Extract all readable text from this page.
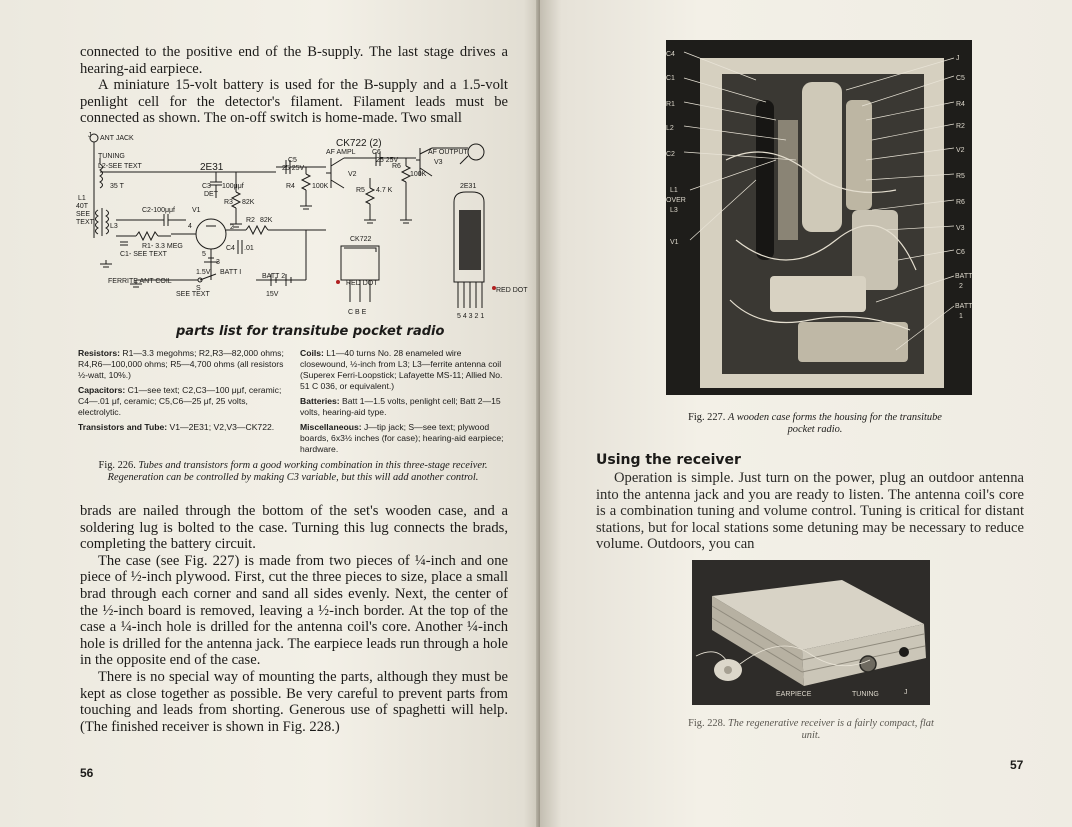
connected to the positive end of the B-supply. The last stage drives a hearing-aid earpiece.

A miniature 15-volt battery is used for the B-supply and a 1.5-volt penlight cell for the detector's filament. Filament leads must be connected as shown. The on-off switch is home-made. Two small

J ANT JACK
TUNING
L2-SEE TEXT	2E31
CK722 (2)
AF AMPL	AF OUTPUT
C6
25 25V
C5
25 25V
35 T	C3 100μμf
DET
R4 100K
R6
100K
V2
V3
R5 4.7 K
R3 82K
L1
40T
SEE
TEXT
C2-100μμf V1
L3
R1- 3.3 MEG
C1- SEE TEXT
R2 82K
C4 .01
2
3
4
5
1.5V BATT I
BATT 2
15V
FERRITE ANT COIL
S
SEE TEXT
RED DOT
RED DOT
CK722
C B E
5 4 3 2 1
2E31
parts list for transitube pocket radio

Resistors: R1—3.3 megohms; R2,R3—82,000 ohms; R4,R6—100,000 ohms; R5—4,700 ohms (all resistors ½-watt, 10%.)

Capacitors: C1—see text; C2,C3—100 μμf, ceramic; C4—.01 μf, ceramic; C5,C6—25 μf, 25 volts, electrolytic.

Transistors and Tube: V1—2E31; V2,V3—CK722.

Coils: L1—40 turns No. 28 enameled wire closewound, ½-inch from L3; L3—ferrite antenna coil (Superex Ferri-Loopstick; Lafayette MS-11; Allied No. 51 C 036, or equivalent.)

Batteries: Batt 1—1.5 volts, penlight cell; Batt 2—15 volts, hearing-aid type.

Miscellaneous: J—tip jack; S—see text; plywood boards, 6x3½ inches (for case); hearing-aid earpiece; hardware.

Fig. 226. Tubes and transistors form a good working combination in this three-stage receiver. Regeneration can be controlled by making C3 variable, but this will add another control.

brads are nailed through the bottom of the set's wooden case, and a soldering lug is bolted to the case. Turning this lug connects the brads, completing the battery circuit.

The case (see Fig. 227) is made from two pieces of ¼-inch and one piece of ½-inch plywood. First, cut the three pieces to size, place a small brad through each corner and sand all sides evenly. Next, the center of the ½-inch board is removed, leaving a ½-inch border. At the top of the case a ¼-inch hole is drilled for the antenna coil's core. Another ¼-inch hole is drilled for the antenna jack. The earpiece leads run through a hole in the opposite end of the case.

There is no special way of mounting the parts, although they must be kept as close together as possible. Be very careful to prevent parts from touching and leads from shorting. Generous use of spaghetti will help. (The finished receiver is shown in Fig. 228.)

56
C4
C1
R1
L2
C2
L1
OVER
L3
V1
J
C5
R4
R2
V2
R5
R6
V3
C6
BATT
2
BATT
1
Fig. 227. A wooden case forms the housing for the transitube pocket radio.
Using the receiver

Operation is simple. Just turn on the power, plug an outdoor antenna into the antenna jack and you are ready to listen. The antenna coil's core is a combination tuning and volume control. Tuning is critical for distant stations, but for local stations some detuning may be necessary to reduce volume. Outdoors, you can

EARPIECE	TUNING	J
Fig. 228. The regenerative receiver is a fairly compact, flat unit.
57
